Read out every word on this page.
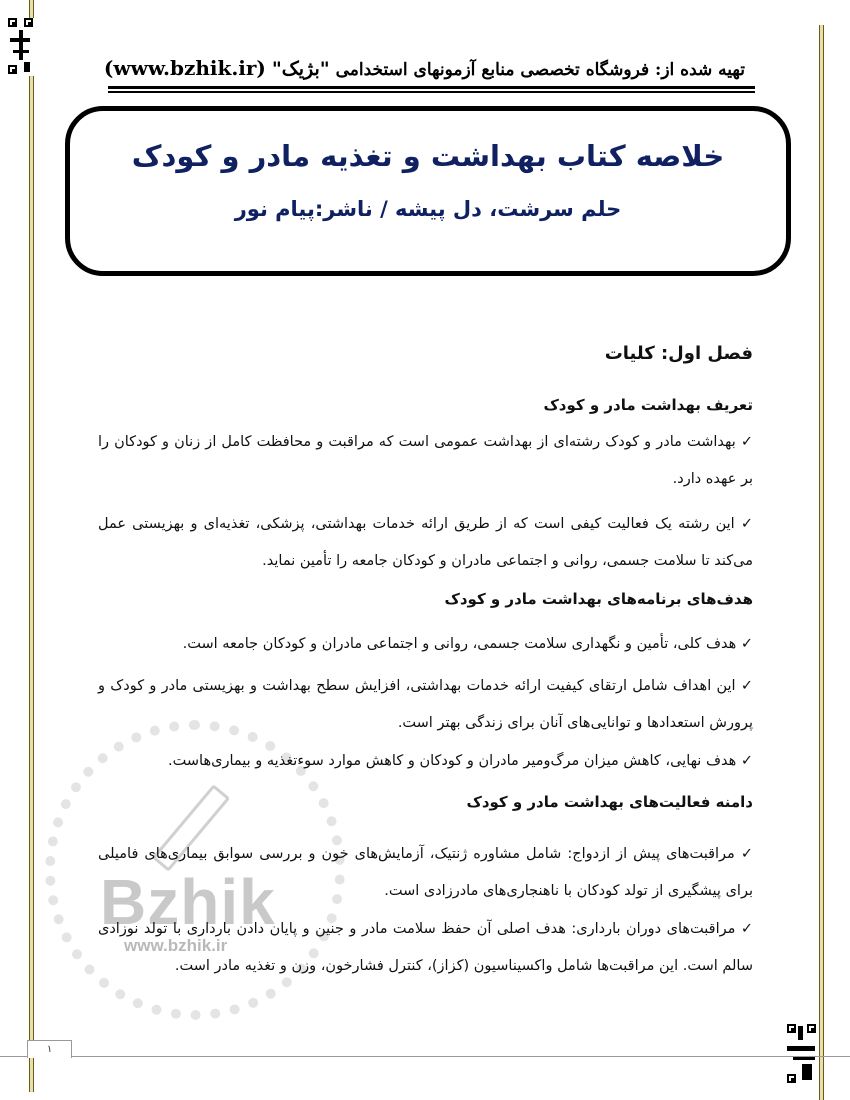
تهیه شده از: فروشگاه تخصصی منابع آزمونهای استخدامی "بژیک" (www.bzhik.ir)
خلاصه کتاب بهداشت و تغذیه مادر و کودک
حلم سرشت، دل پیشه / ناشر:پیام نور
Bzhik
www.bzhik.ir
فصل اول: کلیات
تعریف بهداشت مادر و کودک
✓ بهداشت مادر و کودک رشته‌ای از بهداشت عمومی است که مراقبت و محافظت کامل از زنان و کودکان را بر عهده دارد.
✓ این رشته یک فعالیت کیفی است که از طریق ارائه خدمات بهداشتی، پزشکی، تغذیه‌ای و بهزیستی عمل می‌کند تا سلامت جسمی، روانی و اجتماعی مادران و کودکان جامعه را تأمین نماید.
هدف‌های برنامه‌های بهداشت مادر و کودک
✓ هدف کلی، تأمین و نگهداری سلامت جسمی، روانی و اجتماعی مادران و کودکان جامعه است.
✓ این اهداف شامل ارتقای کیفیت ارائه خدمات بهداشتی، افزایش سطح بهداشت و بهزیستی مادر و کودک و پرورش استعدادها و توانایی‌های آنان برای زندگی بهتر است.
✓ هدف نهایی، کاهش میزان مرگ‌ومیر مادران و کودکان و کاهش موارد سوءتغذیه و بیماری‌هاست.
دامنه فعالیت‌های بهداشت مادر و کودک
✓ مراقبت‌های پیش از ازدواج: شامل مشاوره ژنتیک، آزمایش‌های خون و بررسی سوابق بیماری‌های فامیلی برای پیشگیری از تولد کودکان با ناهنجاری‌های مادرزادی است.
✓ مراقبت‌های دوران بارداری: هدف اصلی آن حفظ سلامت مادر و جنین و پایان دادن بارداری با تولد نوزادی سالم است. این مراقبت‌ها شامل واکسیناسیون (کزاز)، کنترل فشارخون، وزن و تغذیه مادر است.
۱
